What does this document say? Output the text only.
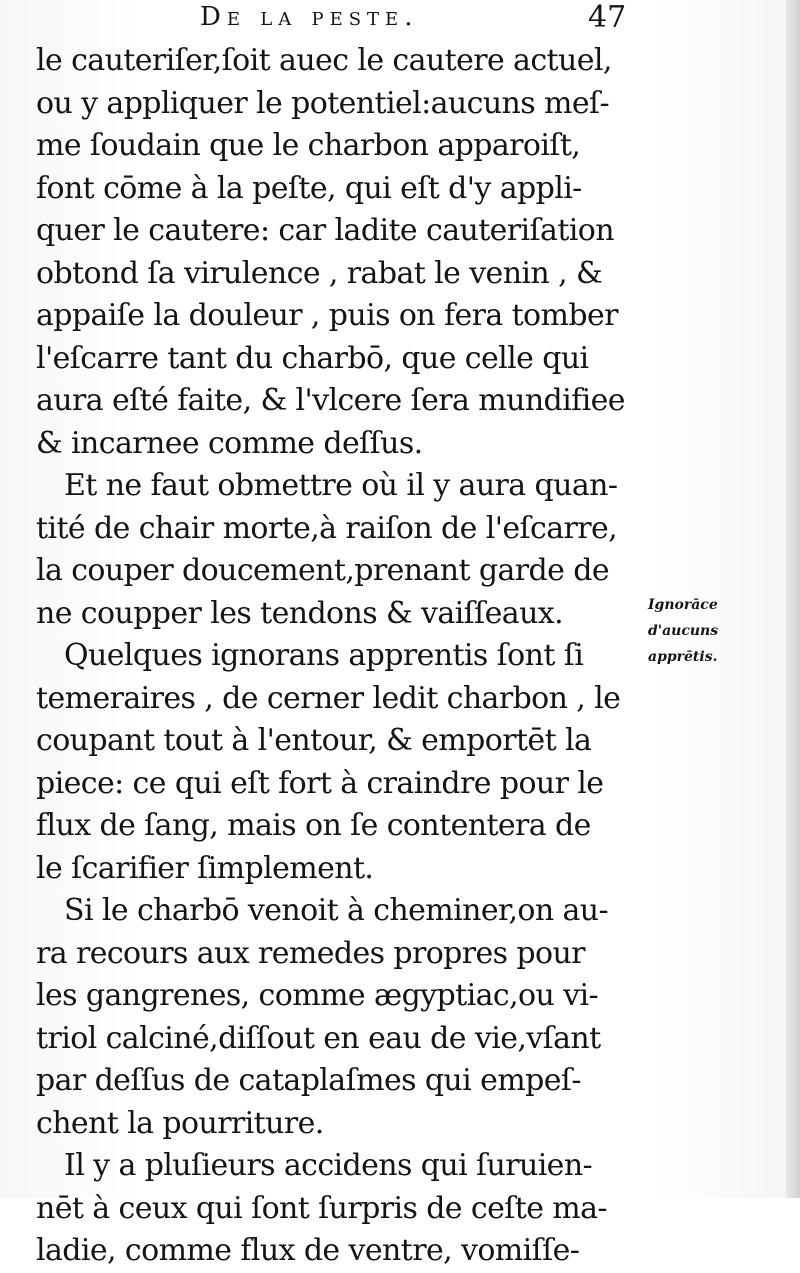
De la peste.	47
le cauteriſer,ſoit auec le cautere actuel,
ou y appliquer le potentiel:aucuns meſ-
me ſoudain que le charbon apparoiſt,
font cōme à la peſte, qui eſt d'y appli-
quer le cautere: car ladite cauteriſation
obtond ſa virulence , rabat le venin , &
appaiſe la douleur , puis on fera tomber
l'eſcarre tant du charbō, que celle qui
aura eſté faite, & l'vlcere ſera mundifiee
& incarnee comme deſſus.
Et ne faut obmettre où il y aura quan-
tité de chair morte,à raiſon de l'eſcarre,
la couper doucement,prenant garde de
ne coupper les tendons & vaiſſeaux.
Quelques ignorans apprentis ſont ſi
temeraires , de cerner ledit charbon , le
coupant tout à l'entour, & emportēt la
piece: ce qui eſt fort à craindre pour le
flux de ſang, mais on ſe contentera de
le ſcarifier ſimplement.
Si le charbō venoit à cheminer,on au-
ra recours aux remedes propres pour
les gangrenes, comme ægyptiac,ou vi-
triol calciné,diſſout en eau de vie,vſant
par deſſus de cataplaſmes qui empeſ-
chent la pourriture.
Il y a pluſieurs accidens qui ſuruien-
nēt à ceux qui ſont ſurpris de ceſte ma-
ladie, comme flux de ventre, vomiſſe-
Ignorāce
d'aucuns
apprētis.
